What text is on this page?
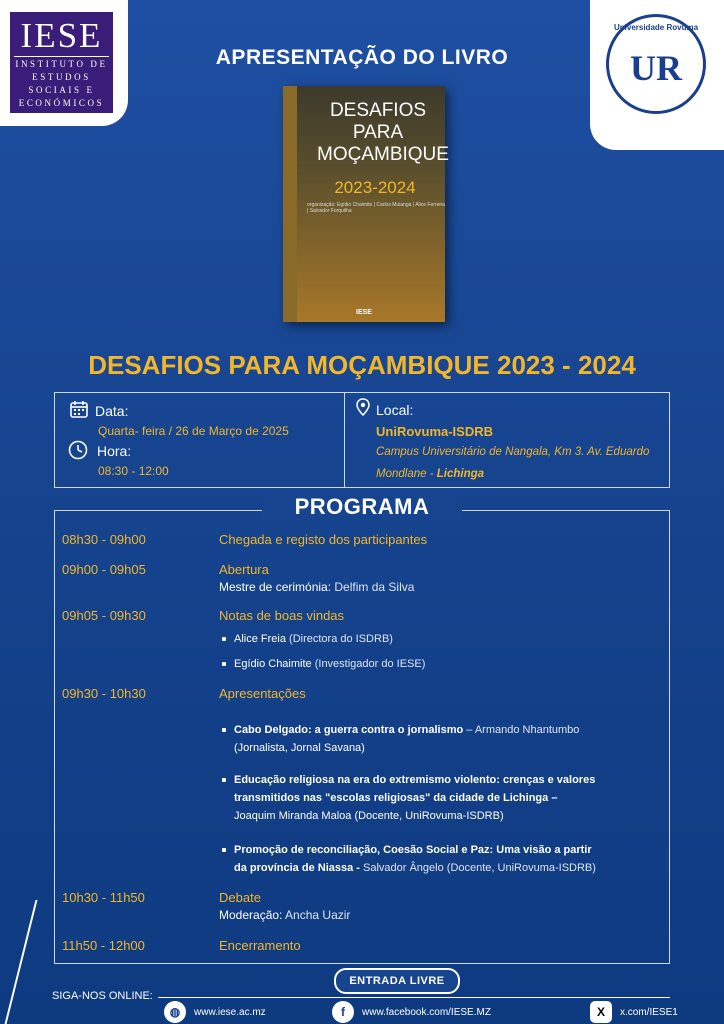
IESE
INSTITUTO DE
ESTUDOS
SOCIAIS E
ECONÓMICOS
Universidade Rovuma
UR
APRESENTAÇÃO DO LIVRO
DESAFIOS
PARA
MOÇAMBIQUE
2023-2024
organização: Egídio Chaimite | Carlos Muianga | Alice Ferreira | Salvador Forquilha
IESE
DESAFIOS PARA MOÇAMBIQUE 2023 - 2024
Data:
Quarta- feira / 26 de Março de 2025
Hora:
08:30 - 12:00
Local:
UniRovuma-ISDRB
Campus Universitário de Nangala, Km 3. Av. Eduardo
Mondlane - Lichinga
PROGRAMA
08h30 - 09h00	Chegada e registo dos participantes
09h00 - 09h05	Abertura
Mestre de cerimónia: Delfim da Silva
09h05 - 09h30	Notas de boas vindas
Alice Freia (Directora do ISDRB)
Egídio Chaimite (Investigador do IESE)
09h30 - 10h30	Apresentações
Cabo Delgado: a guerra contra o jornalismo – Armando Nhantumbo
(Jornalista, Jornal Savana)
Educação religiosa na era do extremismo violento: crenças e valores
transmitidos nas "escolas religiosas" da cidade de Lichinga –
Joaquim Miranda Maloa (Docente, UniRovuma-ISDRB)
Promoção de reconciliação, Coesão Social e Paz: Uma visão a partir
da província de Niassa - Salvador Ângelo (Docente, UniRovuma-ISDRB)
10h30 - 11h50	Debate
Moderação: Ancha Uazir
11h50 - 12h00	Encerramento
ENTRADA LIVRE
SIGA-NOS ONLINE:
◍	www.iese.ac.mz	f	www.facebook.com/IESE.MZ	X	x.com/IESE1
